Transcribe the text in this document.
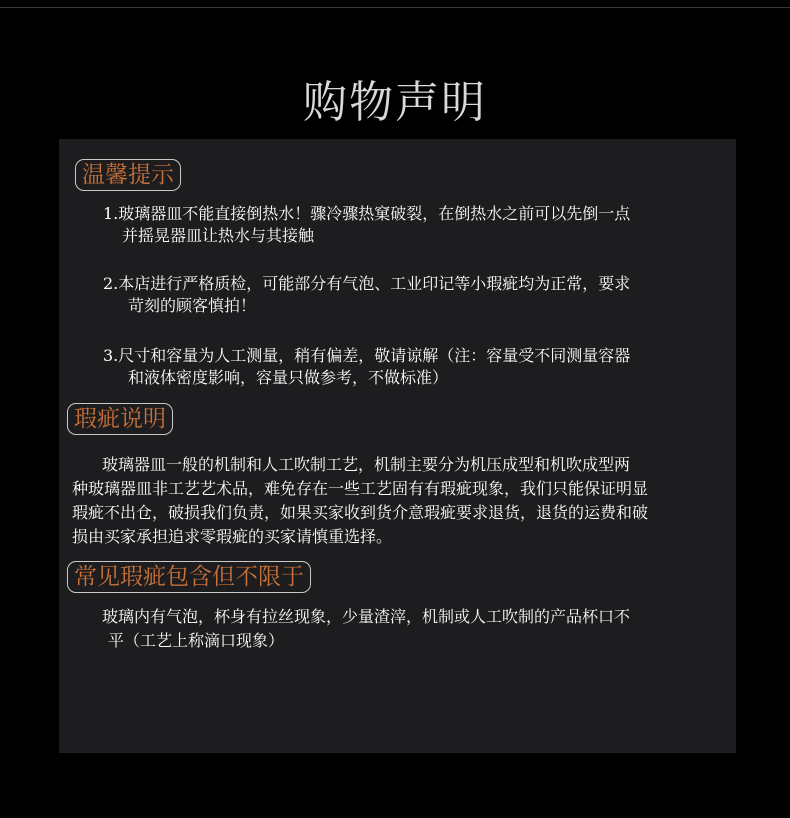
购物声明
温馨提示
1.玻璃器皿不能直接倒热水！骤冷骤热窠破裂，在倒热水之前可以先倒一点
并摇晃器皿让热水与其接触
2.本店进行严格质检，可能部分有气泡、工业印记等小瑕疵均为正常，要求
苛刻的顾客慎拍！
3.尺寸和容量为人工测量，稍有偏差，敬请谅解（注：容量受不同测量容器
和液体密度影响，容量只做参考，不做标准）
瑕疵说明
玻璃器皿一般的机制和人工吹制工艺，机制主要分为机压成型和机吹成型两
种玻璃器皿非工艺艺术品，难免存在一些工艺固有有瑕疵现象，我们只能保证明显
瑕疵不出仓，破损我们负责，如果买家收到货介意瑕疵要求退货，退货的运费和破
损由买家承担追求零瑕疵的买家请慎重选择。
常见瑕疵包含但不限于
玻璃内有气泡，杯身有拉丝现象，少量渣滓，机制或人工吹制的产品杯口不
平（工艺上称滴口现象）
